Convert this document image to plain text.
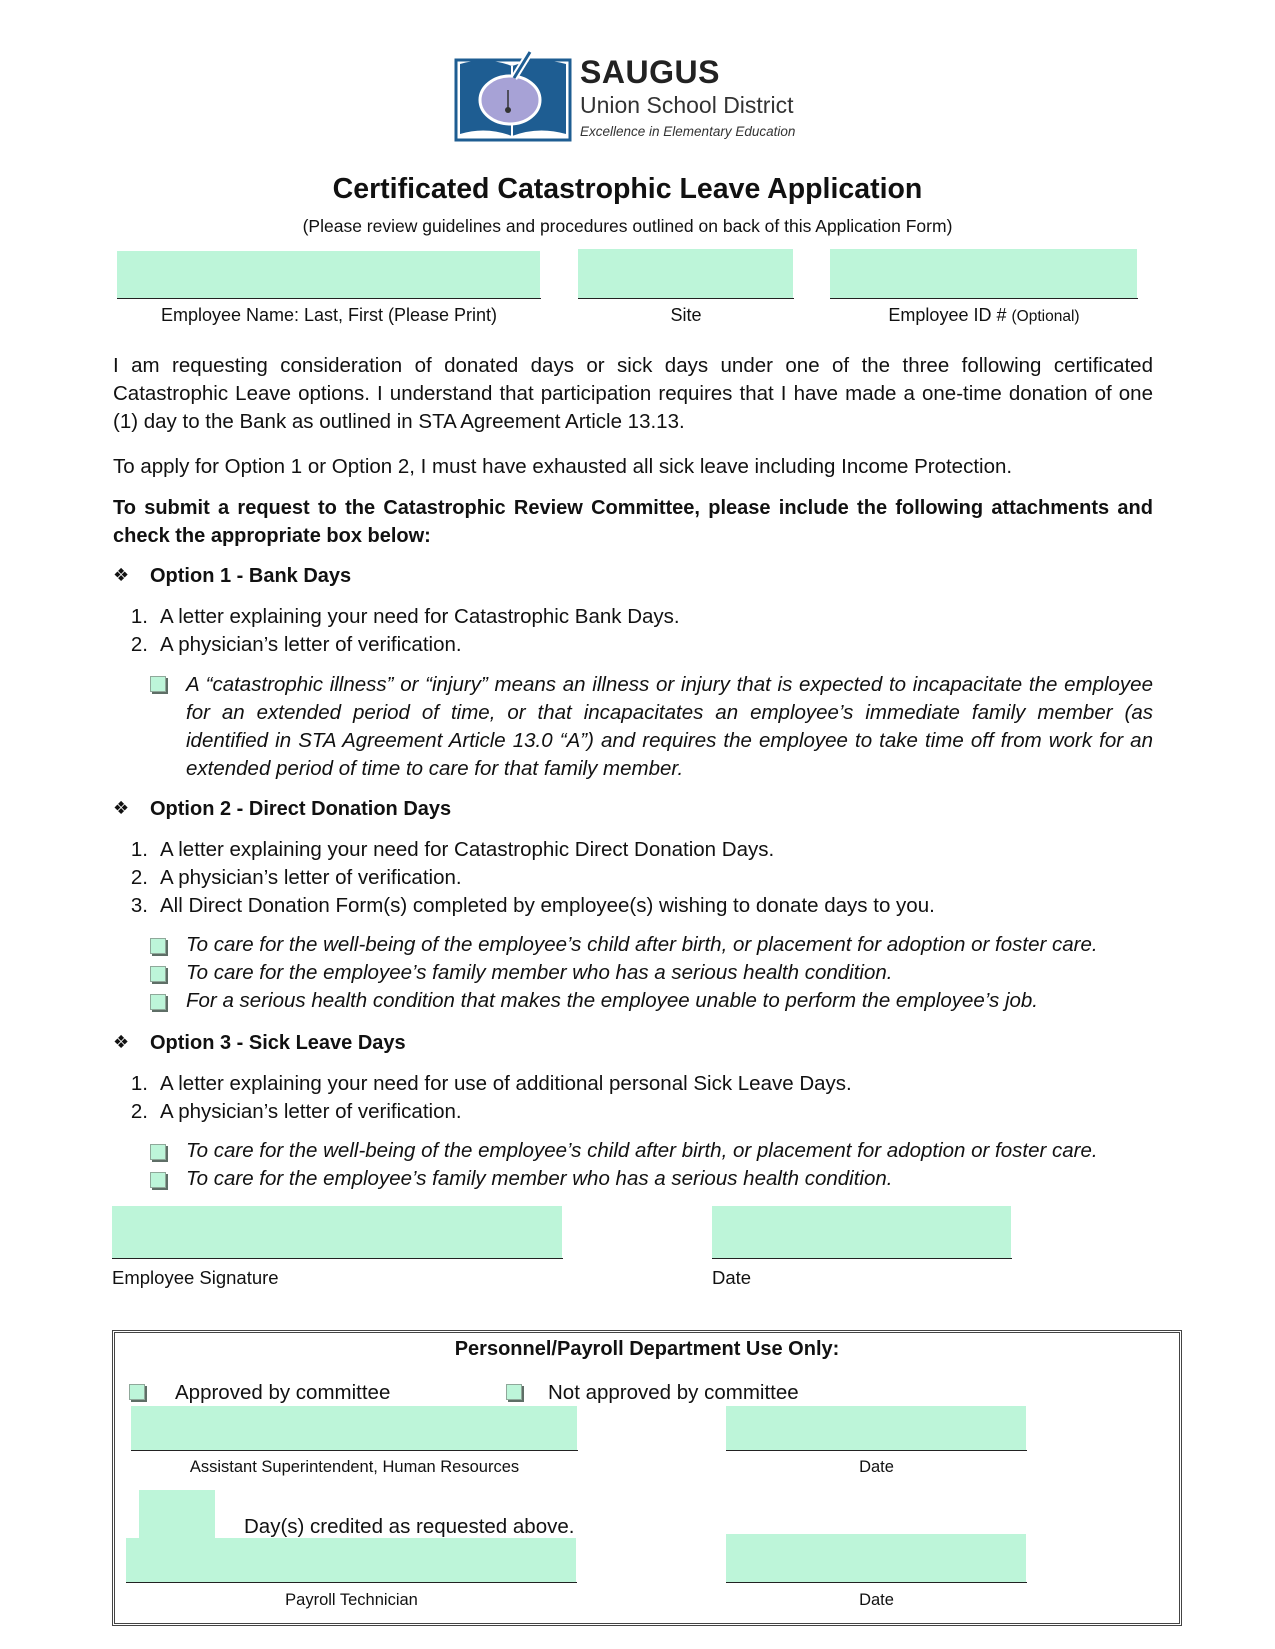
SAUGUS
Union School District
Excellence in Elementary Education
Certificated Catastrophic Leave Application
(Please review guidelines and procedures outlined on back of this Application Form)
Employee Name: Last, First (Please Print)	Site	Employee ID # (Optional)

I am requesting consideration of donated days or sick days under one of the three following certificated Catastrophic Leave options. I understand that participation requires that I have made a one-time donation of one (1) day to the Bank as outlined in STA Agreement Article 13.13.

To apply for Option 1 or Option 2, I must have exhausted all sick leave including Income Protection.

To submit a request to the Catastrophic Review Committee, please include the following attachments and check the appropriate box below:

❖ Option 1 - Bank Days
1. A letter explaining your need for Catastrophic Bank Days.
2. A physician’s letter of verification.

A “catastrophic illness” or “injury” means an illness or injury that is expected to incapacitate the employee for an extended period of time, or that incapacitates an employee’s immediate family member (as identified in STA Agreement Article 13.0 “A”) and requires the employee to take time off from work for an extended period of time to care for that family member.

❖ Option 2 - Direct Donation Days
1. A letter explaining your need for Catastrophic Direct Donation Days.
2. A physician’s letter of verification.
3. All Direct Donation Form(s) completed by employee(s) wishing to donate days to you.
To care for the well-being of the employee’s child after birth, or placement for adoption or foster care.
To care for the employee’s family member who has a serious health condition.
For a serious health condition that makes the employee unable to perform the employee’s job.
❖ Option 3 - Sick Leave Days
1. A letter explaining your need for use of additional personal Sick Leave Days.
2. A physician’s letter of verification.
To care for the well-being of the employee’s child after birth, or placement for adoption or foster care.
To care for the employee’s family member who has a serious health condition.
Employee Signature	Date
Personnel/Payroll Department Use Only:
Approved by committee	Not approved by committee
Assistant Superintendent, Human Resources	Date
Day(s) credited as requested above.
Payroll Technician	Date
